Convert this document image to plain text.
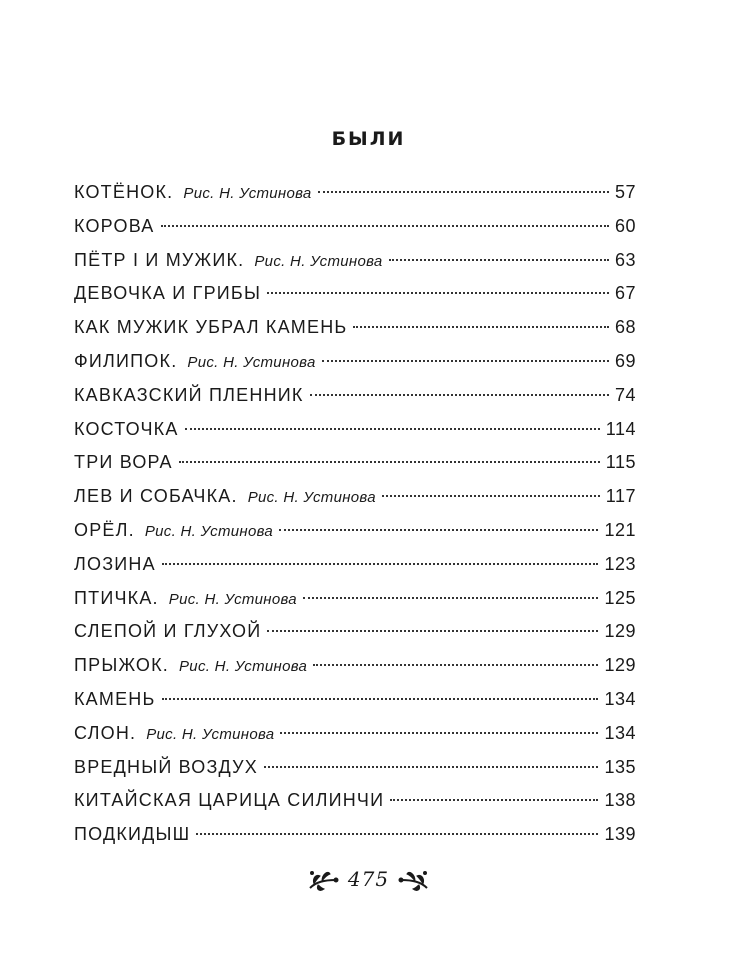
БЫЛИ
КОТЁНОК. Рис. Н. Устинова	57
КОРОВА	60
ПЁТР I И МУЖИК. Рис. Н. Устинова	63
ДЕВОЧКА И ГРИБЫ	67
КАК МУЖИК УБРАЛ КАМЕНЬ	68
ФИЛИПОК. Рис. Н. Устинова	69
КАВКАЗСКИЙ ПЛЕННИК	74
КОСТОЧКА	114
ТРИ ВОРА	115
ЛЕВ И СОБАЧКА. Рис. Н. Устинова	117
ОРЁЛ. Рис. Н. Устинова	121
ЛОЗИНА	123
ПТИЧКА. Рис. Н. Устинова	125
СЛЕПОЙ И ГЛУХОЙ	129
ПРЫЖОК. Рис. Н. Устинова	129
КАМЕНЬ	134
СЛОН. Рис. Н. Устинова	134
ВРЕДНЫЙ ВОЗДУХ	135
КИТАЙСКАЯ ЦАРИЦА СИЛИНЧИ	138
ПОДКИДЫШ	139
475
